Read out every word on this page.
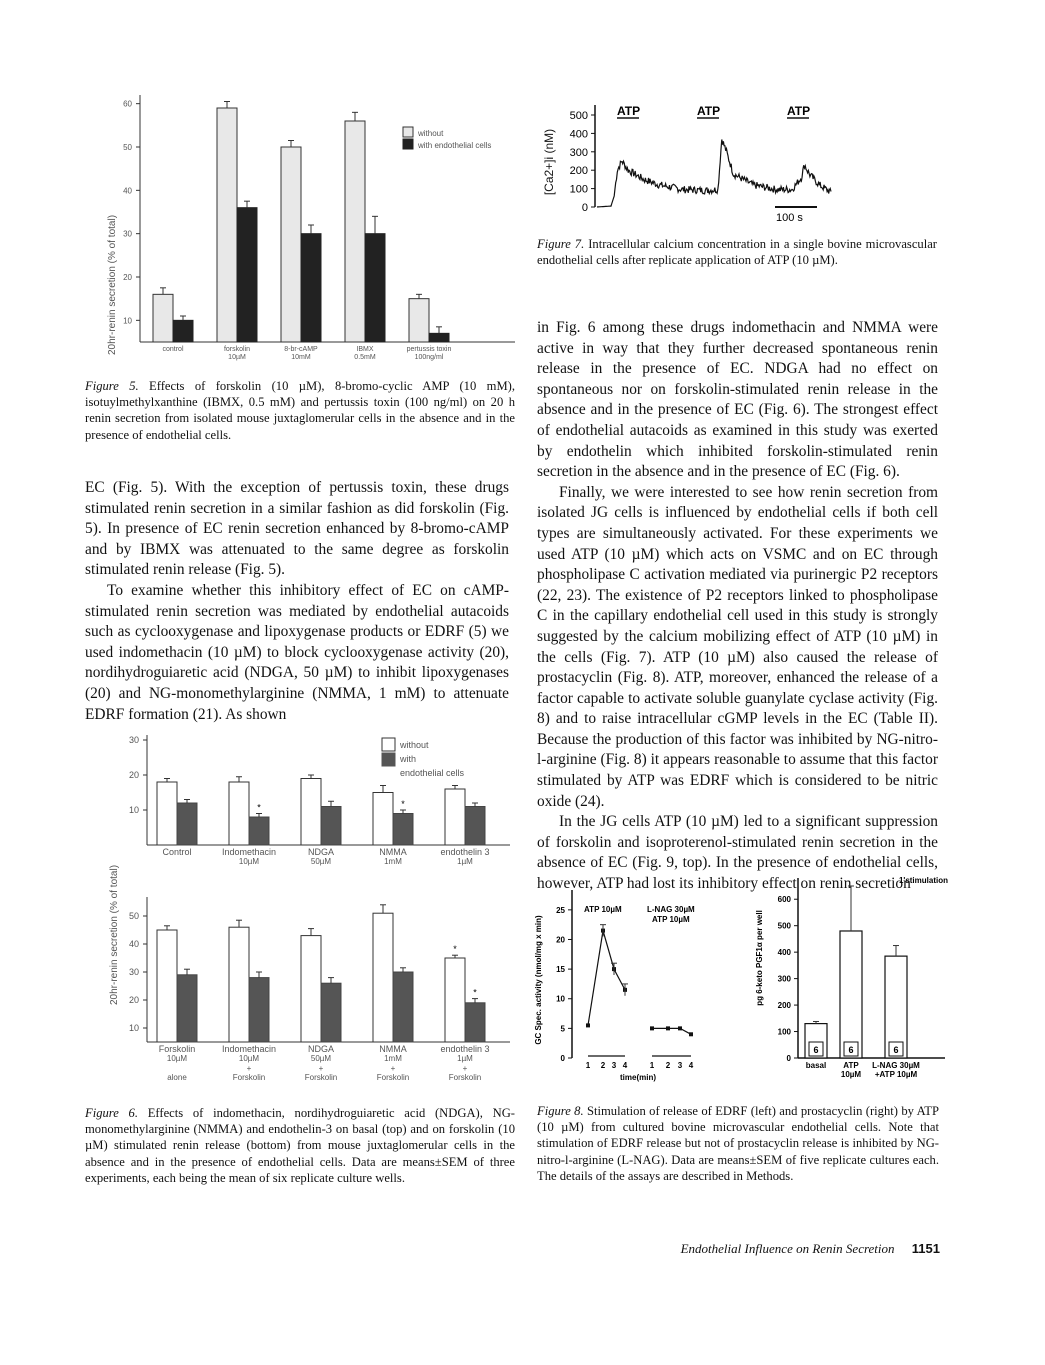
20hr-renin secretion (% of total) 10
20
30
40
50
60
control	forskolin
10µM
8-br-cAMP
10mM
IBMX
0.5mM
pertussis toxin
100ng/ml
without
with endothelial cells
Figure 5. Effects of forskolin (10 µM), 8-bromo-cyclic AMP (10 mM), isotuylmethylxanthine (IBMX, 0.5 mM) and pertussis toxin (100 ng/ml) on 20 h renin secretion from isolated mouse juxtaglomerular cells in the absence and in the presence of endothelial cells.
[Ca2+]i (nM)
0
100
200
300
400
500 ATP	ATP	ATP
100 s
Figure 7. Intracellular calcium concentration in a single bovine microvascular endothelial cells after replicate application of ATP (10 µM).

in Fig. 6 among these drugs indomethacin and NMMA were active in way that they further decreased spontaneous renin release in the presence of EC. NDGA had no effect on spontaneous nor on forskolin-stimulated renin release in the absence and in the presence of EC (Fig. 6). The strongest effect of endothelial autacoids as examined in this study was exerted by endothelin which inhibited forskolin-stimulated renin secretion in the absence and in the presence of EC (Fig. 6).

Finally, we were interested to see how renin secretion from isolated JG cells is influenced by endothelial cells if both cell types are simultaneously activated. For these experiments we used ATP (10 µM) which acts on VSMC and on EC through phospholipase C activation mediated via purinergic P2 receptors (22, 23). The existence of P2 receptors linked to phospholipase C in the capillary endothelial cell used in this study is strongly suggested by the calcium mobilizing effect of ATP (10 µM) in the cells (Fig. 7). ATP (10 µM) also caused the release of prostacyclin (Fig. 8). ATP, moreover, enhanced the release of a factor capable to activate soluble guanylate cyclase activity (Fig. 8) and to raise intracellular cGMP levels in the EC (Table II). Because the production of this factor was inhibited by NG-nitro-l-arginine (Fig. 8) it appears reasonable to assume that this factor stimulated by ATP was EDRF which is considered to be nitric oxide (24).

In the JG cells ATP (10 µM) led to a significant suppression of forskolin and isoproterenol-stimulated renin secretion in the absence of EC (Fig. 9, top). In the presence of endothelial cells, however, ATP had lost its inhibitory effect on renin secretion

EC (Fig. 5). With the exception of pertussis toxin, these drugs stimulated renin secretion in a similar fashion as did forskolin (Fig. 5). In presence of EC renin secretion enhanced by 8-bromo-cAMP and by IBMX was attenuated to the same degree as forskolin stimulated renin release (Fig. 5).

To examine whether this inhibitory effect of EC on cAMP-stimulated renin secretion was mediated by endothelial autacoids such as cyclooxygenase and lipoxygenase products or EDRF (5) we used indomethacin (10 µM) to block cyclooxygenase activity (20), nordihydroguiaretic acid (NDGA, 50 µM) to inhibit lipoxygenases (20) and NG-monomethylarginine (NMMA, 1 mM) to attenuate EDRF formation (21). As shown

20hr-renin secretion (% of total)
without
with
endothelial cells
10
20
30
Control
*
Indomethacin
10µM
NDGA
50µM
*
NMMA
1mM
endothelin 3
1µM
10
20
30
40
50
Forskolin
10µM
alone
Indomethacin
10µM
+
Forskolin
NDGA
50µM
+
Forskolin
NMMA
1mM
+
Forskolin
*
*
endothelin 3
1µM
+
Forskolin
Figure 6. Effects of indomethacin, nordihydroguiaretic acid (NDGA), NG-monomethylarginine (NMMA) and endothelin-3 on basal (top) and on forskolin (10 µM) stimulated renin release (bottom) from mouse juxtaglomerular cells in the absence and in the presence of endothelial cells. Data are means±SEM of three experiments, each being the mean of six replicate culture wells.
GC Spec. activity (nmol/mg x min)
time(min)
ATP 10µM	L-NAG 30µM
ATP 10µM
1'stimulation
pg 6-keto PGF1α per well
0
5
10
15
20
25
1 2 3 4	1 2 3 4
0
100
200
300
400
500
600
6
basal
6
ATP
10µM
6
L-NAG 30µM
+ATP 10µM
Figure 8. Stimulation of release of EDRF (left) and prostacyclin (right) by ATP (10 µM) from cultured bovine microvascular endothelial cells. Note that stimulation of EDRF release but not of prostacyclin release is inhibited by NG-nitro-l-arginine (L-NAG). Data are means±SEM of five replicate cultures each. The details of the assays are described in Methods.
Endothelial Influence on Renin Secretion 1151
